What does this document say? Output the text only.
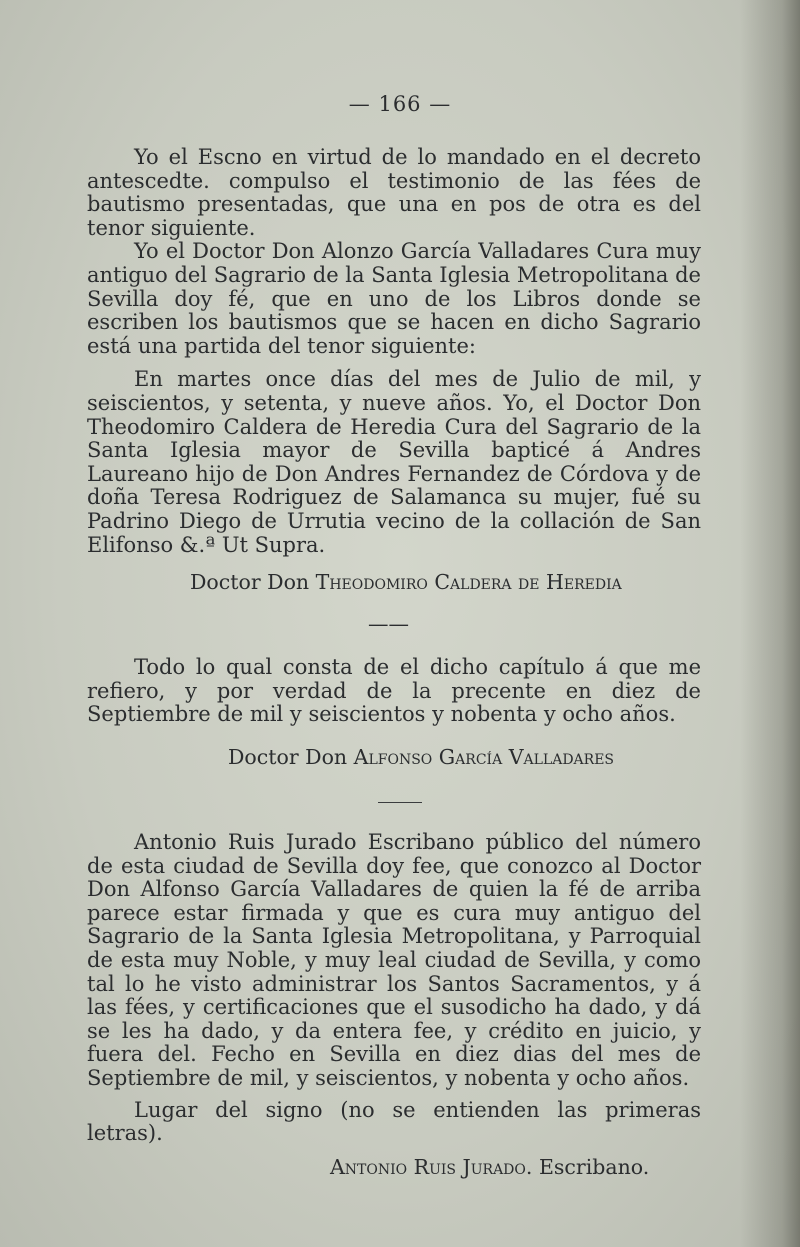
— 166 —

Yo el Escno en virtud de lo mandado en el decreto antescedte. compulso el testimonio de las fées de bautismo presentadas, que una en pos de otra es del tenor siguiente.

Yo el Doctor Don Alonzo García Valladares Cura muy antiguo del Sagrario de la Santa Iglesia Metropolitana de Sevilla doy fé, que en uno de los Libros donde se escriben los bautismos que se hacen en dicho Sagrario está una partida del tenor siguiente:

En martes once días del mes de Julio de mil, y seiscientos, y setenta, y nueve años. Yo, el Doctor Don Theodomiro Caldera de Heredia Cura del Sagrario de la Santa Iglesia mayor de Sevilla bapticé á Andres Laureano hijo de Don Andres Fernandez de Córdova y de doña Teresa Rodriguez de Salamanca su mujer, fué su Padrino Diego de Urrutia vecino de la collación de San Elifonso &.ª Ut Supra.

Doctor Don Theodomiro Caldera de Heredia
——

Todo lo qual consta de el dicho capítulo á que me refiero, y por verdad de la precente en diez de Septiembre de mil y seiscientos y nobenta y ocho años.

Doctor Don Alfonso García Valladares

Antonio Ruis Jurado Escribano público del número de esta ciudad de Sevilla doy fee, que conozco al Doctor Don Alfonso García Valladares de quien la fé de arriba parece estar firmada y que es cura muy antiguo del Sagrario de la Santa Iglesia Metropolitana, y Parroquial de esta muy Noble, y muy leal ciudad de Sevilla, y como tal lo he visto administrar los Santos Sacramentos, y á las fées, y certificaciones que el susodicho ha dado, y dá se les ha dado, y da entera fee, y crédito en juicio, y fuera del. Fecho en Sevilla en diez dias del mes de Septiembre de mil, y seiscientos, y nobenta y ocho años.

Lugar del signo (no se entienden las primeras letras).

Antonio Ruis Jurado. Escribano.
